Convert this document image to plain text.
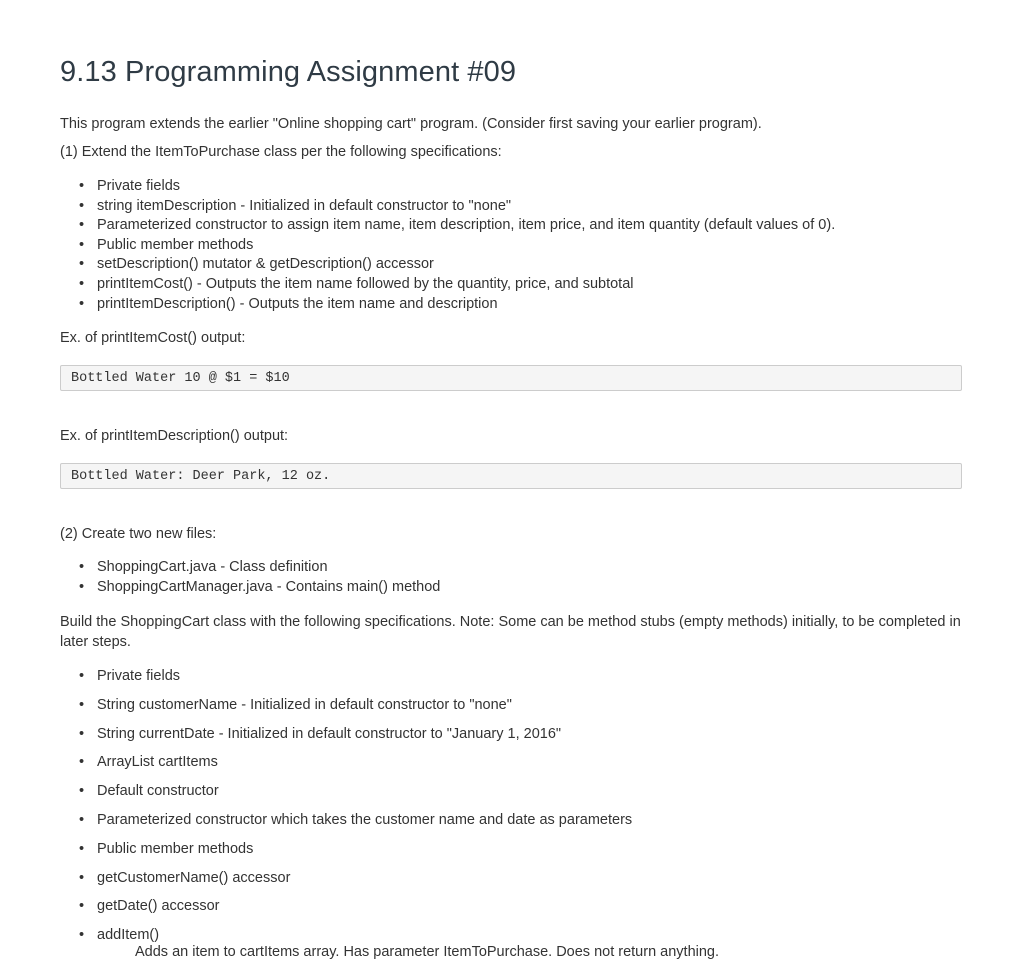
9.13 Programming Assignment #09
This program extends the earlier "Online shopping cart" program. (Consider first saving your earlier program).
(1) Extend the ItemToPurchase class per the following specifications:
• Private fields
• string itemDescription - Initialized in default constructor to "none"
• Parameterized constructor to assign item name, item description, item price, and item quantity (default values of 0).
• Public member methods
• setDescription() mutator & getDescription() accessor
• printItemCost() - Outputs the item name followed by the quantity, price, and subtotal
• printItemDescription() - Outputs the item name and description
Ex. of printItemCost() output:
Bottled Water 10 @ $1 = $10
Ex. of printItemDescription() output:
Bottled Water: Deer Park, 12 oz.
(2) Create two new files:
• ShoppingCart.java - Class definition
• ShoppingCartManager.java - Contains main() method
Build the ShoppingCart class with the following specifications. Note: Some can be method stubs (empty methods) initially, to be completed in later steps.
• Private fields
• String customerName - Initialized in default constructor to "none"
• String currentDate - Initialized in default constructor to "January 1, 2016"
• ArrayList cartItems
• Default constructor
• Parameterized constructor which takes the customer name and date as parameters
• Public member methods
• getCustomerName() accessor
• getDate() accessor
• addItem()
Adds an item to cartItems array. Has parameter ItemToPurchase. Does not return anything.
